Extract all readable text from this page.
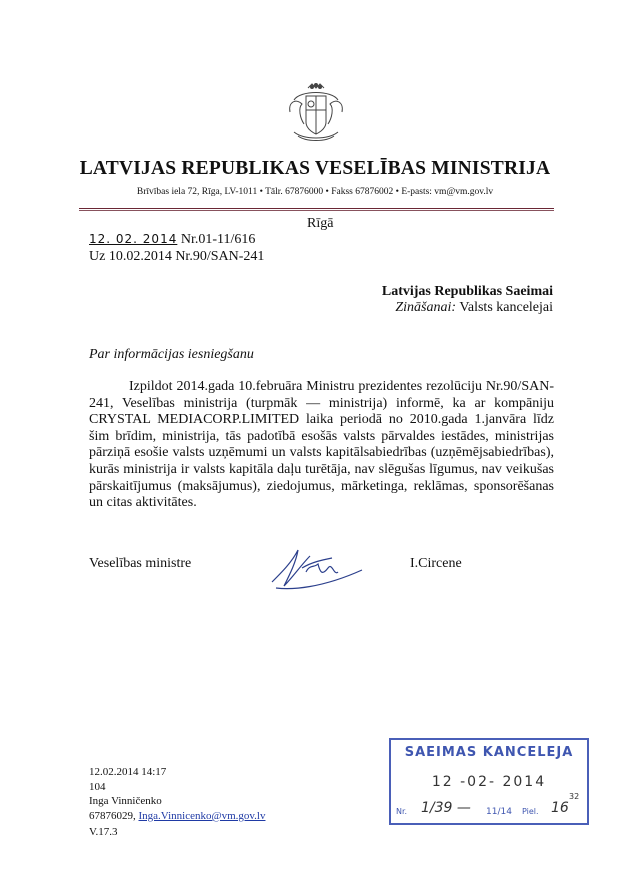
LATVIJAS REPUBLIKAS VESELĪBAS MINISTRIJA
Brīvības iela 72, Rīga, LV-1011 • Tālr. 67876000 • Fakss 67876002 • E-pasts: vm@vm.gov.lv
Rīgā
12. 02. 2014 Nr.01-11/616
Uz 10.02.2014 Nr.90/SAN-241
Latvijas Republikas Saeimai
Zināšanai: Valsts kancelejai
Par informācijas iesniegšanu
Izpildot 2014.gada 10.februāra Ministru prezidentes rezolūciju Nr.90/SAN-241, Veselības ministrija (turpmāk — ministrija) informē, ka ar kompāniju CRYSTAL MEDIACORP.LIMITED laika periodā no 2010.gada 1.janvāra līdz šim brīdim, ministrija, tās padotībā esošās valsts pārvaldes iestādes, ministrijas pārziņā esošie valsts uzņēmumi un valsts kapitālsabiedrības (uzņēmējsabiedrības), kurās ministrija ir valsts kapitāla daļu turētāja, nav slēgušas līgumus, nav veikušas pārskaitījumus (maksājumus), ziedojumus, mārketinga, reklāmas, sponsorēšanas un citas aktivitātes.
Veselības ministre	I.Circene
12.02.2014 14:17
104
Inga Vinničenko
67876029, Inga.Vinnicenko@vm.gov.lv
V.17.3
SAEIMAS KANCELEJA
12 -02- 2014
Nr. 1/39 — 11/14 Piel. 16
32
